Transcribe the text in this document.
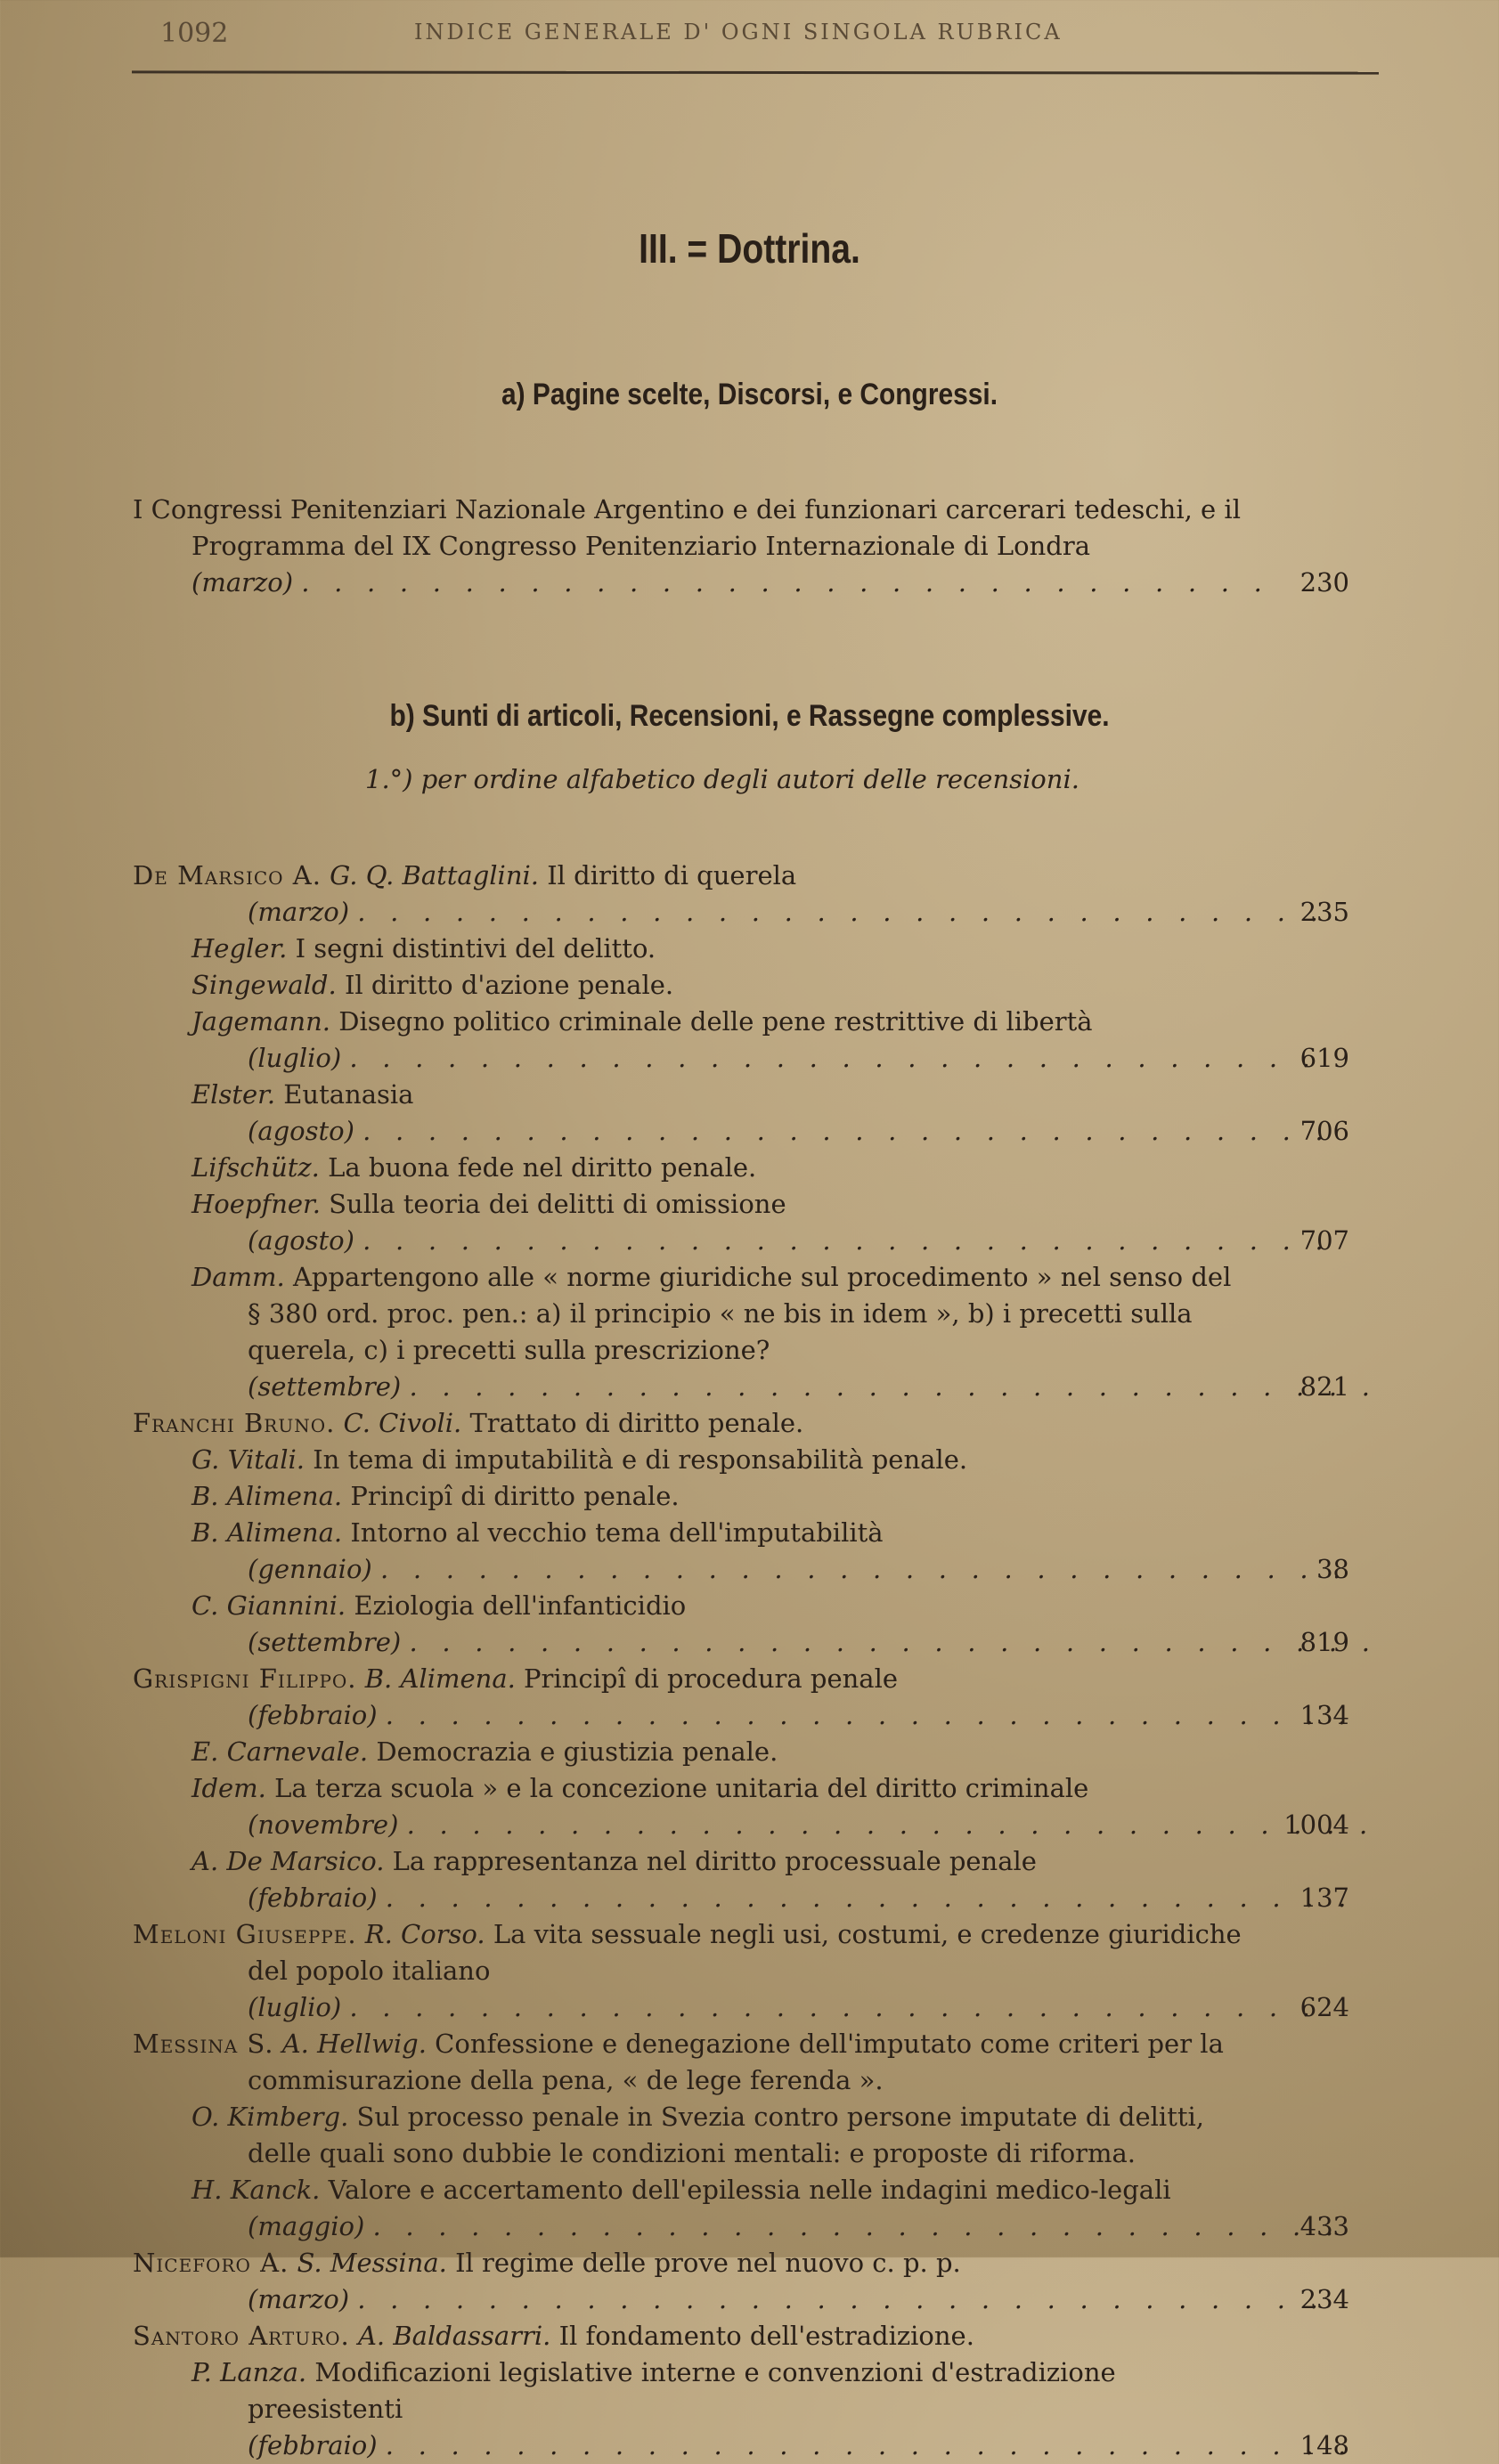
1092	INDICE GENERALE D' OGNI SINGOLA RUBRICA
III. = Dottrina.
a) Pagine scelte, Discorsi, e Congressi.
I Congressi Penitenziari Nazionale Argentino e dei funzionari carcerari tedeschi, e il Programma del IX Congresso Penitenziario Internazionale di Londra (marzo) . .	230
b) Sunti di articoli, Recensioni, e Rassegne complessive.
1.°) per ordine alfabetico degli autori delle recensioni.
De Marsico A. G. Q. Battaglini. Il diritto di querela (marzo) . .	235
Hegler. I segni distintivi del delitto.
Singewald. Il diritto d'azione penale.
Jagemann. Disegno politico criminale delle pene restrittive di libertà (luglio) . .	619
Elster. Eutanasia (agosto) . .	706
Lifschütz. La buona fede nel diritto penale.
Hoepfner. Sulla teoria dei delitti di omissione (agosto) . .	707
Damm. Appartengono alle « norme giuridiche sul procedimento » nel senso del § 380 ord. proc. pen.: a) il principio « ne bis in idem », b) i precetti sulla querela, c) i precetti sulla prescrizione? (settembre) . .	821
Franchi Bruno. C. Civoli. Trattato di diritto penale.
G. Vitali. In tema di imputabilità e di responsabilità penale.
B. Alimena. Principî di diritto penale.
B. Alimena. Intorno al vecchio tema dell'imputabilità (gennaio) . .	38
C. Giannini. Eziologia dell'infanticidio (settembre) . .	819
Grispigni Filippo. B. Alimena. Principî di procedura penale (febbraio) . .	134
E. Carnevale. Democrazia e giustizia penale.
Idem. La terza scuola » e la concezione unitaria del diritto criminale (novembre) . .	1004
A. De Marsico. La rappresentanza nel diritto processuale penale (febbraio) . .	137
Meloni Giuseppe. R. Corso. La vita sessuale negli usi, costumi, e credenze giuridiche del popolo italiano (luglio) . .	624
Messina S. A. Hellwig. Confessione e denegazione dell'imputato come criteri per la commisurazione della pena, « de lege ferenda ».
O. Kimberg. Sul processo penale in Svezia contro persone imputate di delitti, delle quali sono dubbie le condizioni mentali: e proposte di riforma.
H. Kanck. Valore e accertamento dell'epilessia nelle indagini medico-legali (maggio) . .	433
Niceforo A. S. Messina. Il regime delle prove nel nuovo c. p. p. (marzo) . .	234
Santoro Arturo. A. Baldassarri. Il fondamento dell'estradizione.
P. Lanza. Modificazioni legislative interne e convenzioni d'estradizione preesistenti (febbraio) . .	148
